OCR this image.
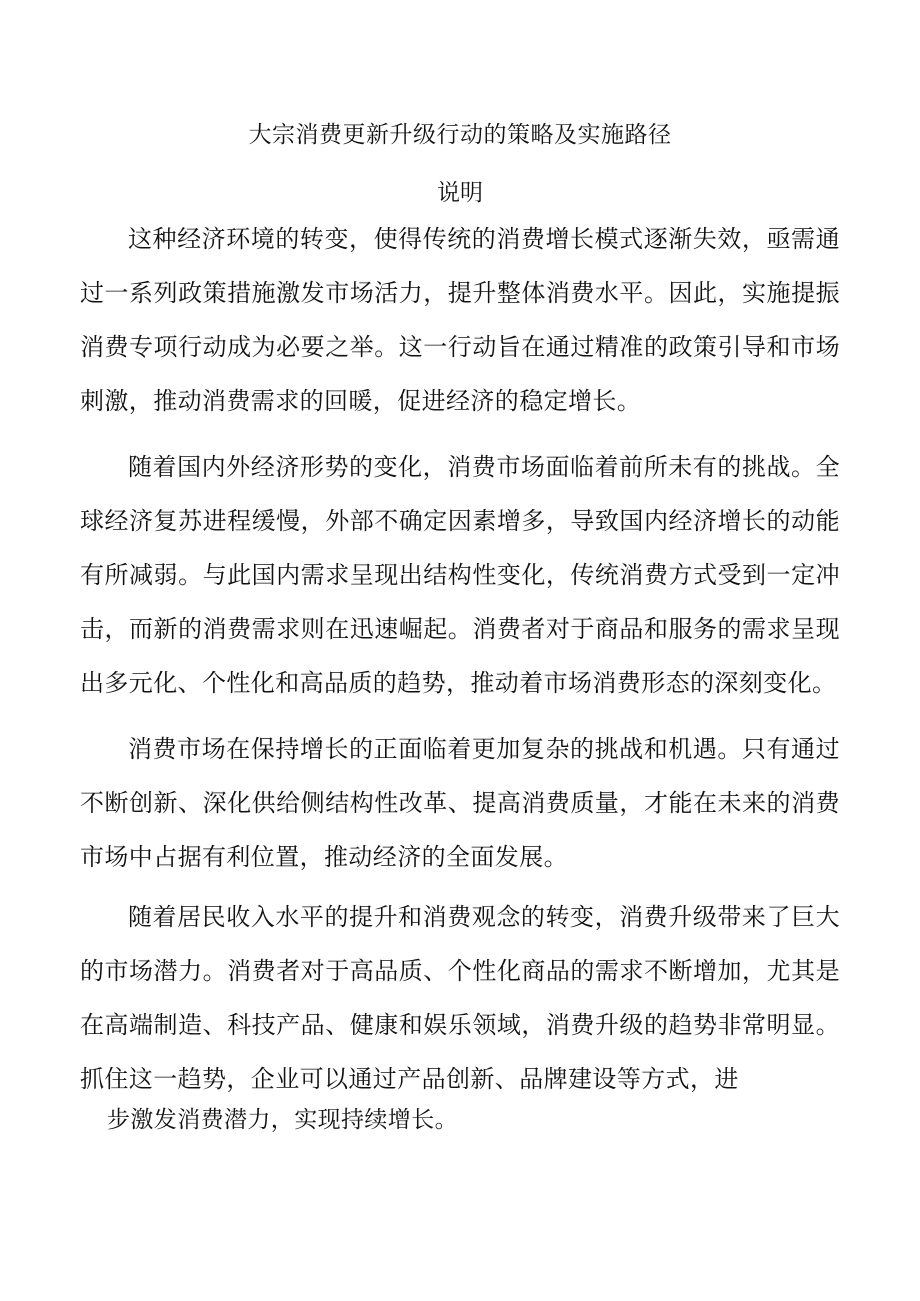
大宗消费更新升级行动的策略及实施路径
说明

这种经济环境的转变，使得传统的消费增长模式逐渐失效，亟需通过一系列政策措施激发市场活力，提升整体消费水平。因此，实施提振消费专项行动成为必要之举。这一行动旨在通过精准的政策引导和市场刺激，推动消费需求的回暖，促进经济的稳定增长。

随着国内外经济形势的变化，消费市场面临着前所未有的挑战。全球经济复苏进程缓慢，外部不确定因素增多，导致国内经济增长的动能有所减弱。与此国内需求呈现出结构性变化，传统消费方式受到一定冲击，而新的消费需求则在迅速崛起。消费者对于商品和服务的需求呈现出多元化、个性化和高品质的趋势，推动着市场消费形态的深刻变化。

消费市场在保持增长的正面临着更加复杂的挑战和机遇。只有通过不断创新、深化供给侧结构性改革、提高消费质量，才能在未来的消费市场中占据有利位置，推动经济的全面发展。

随着居民收入水平的提升和消费观念的转变，消费升级带来了巨大的市场潜力。消费者对于高品质、个性化商品的需求不断增加，尤其是在高端制造、科技产品、健康和娱乐领域，消费升级的趋势非常明显。抓住这一趋势，企业可以通过产品创新、品牌建设等方式，进

步激发消费潜力，实现持续增长。
